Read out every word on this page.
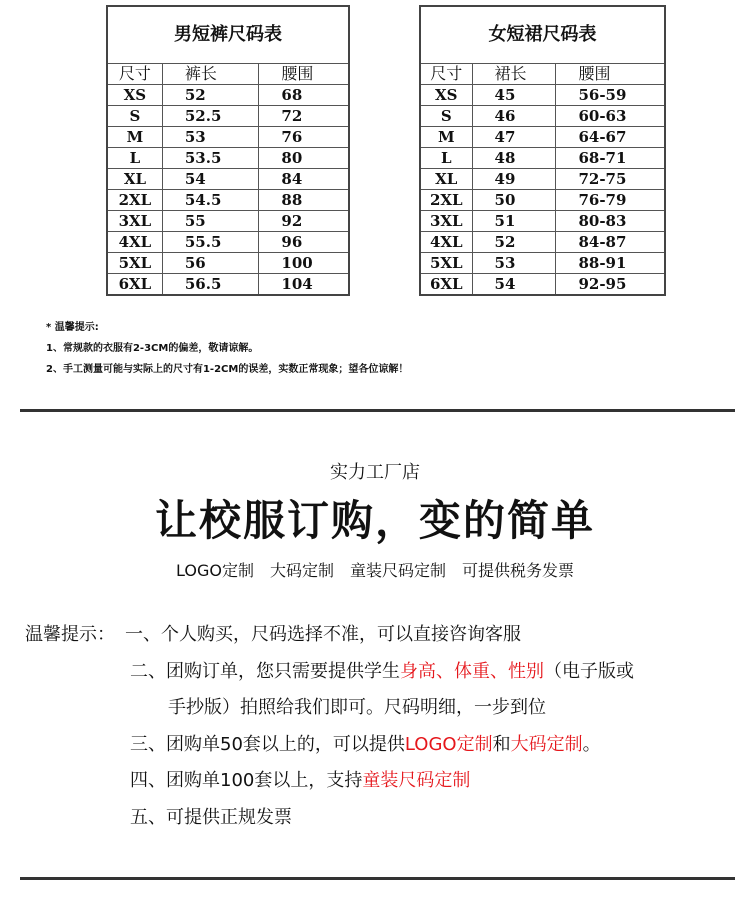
男短裤尺码表		
尺寸	裤长	腰围
XS	52	68
S	52.5	72
M	53	76
L	53.5	80
XL	54	84
2XL	54.5	88
3XL	55	92
4XL	55.5	96
5XL	56	100
6XL	56.5	104
女短裙尺码表		
尺寸	裙长	腰围
XS	45	56-59
S	46	60-63
M	47	64-67
L	48	68-71
XL	49	72-75
2XL	50	76-79
3XL	51	80-83
4XL	52	84-87
5XL	53	88-91
6XL	54	92-95
* 温馨提示:
1、常规款的衣服有2-3CM的偏差，敬请谅解。
2、手工测量可能与实际上的尺寸有1-2CM的误差，实数正常现象；望各位谅解！
实力工厂店
让校服订购，变的简单
LOGO定制　大码定制　童装尺码定制　可提供税务发票
温馨提示： 一、个人购买，尺码选择不准，可以直接咨询客服
二、团购订单，您只需要提供学生身高、体重、性别（电子版或
手抄版）拍照给我们即可。尺码明细，一步到位
三、团购单50套以上的，可以提供LOGO定制和大码定制。
四、团购单100套以上，支持童装尺码定制
五、可提供正规发票
